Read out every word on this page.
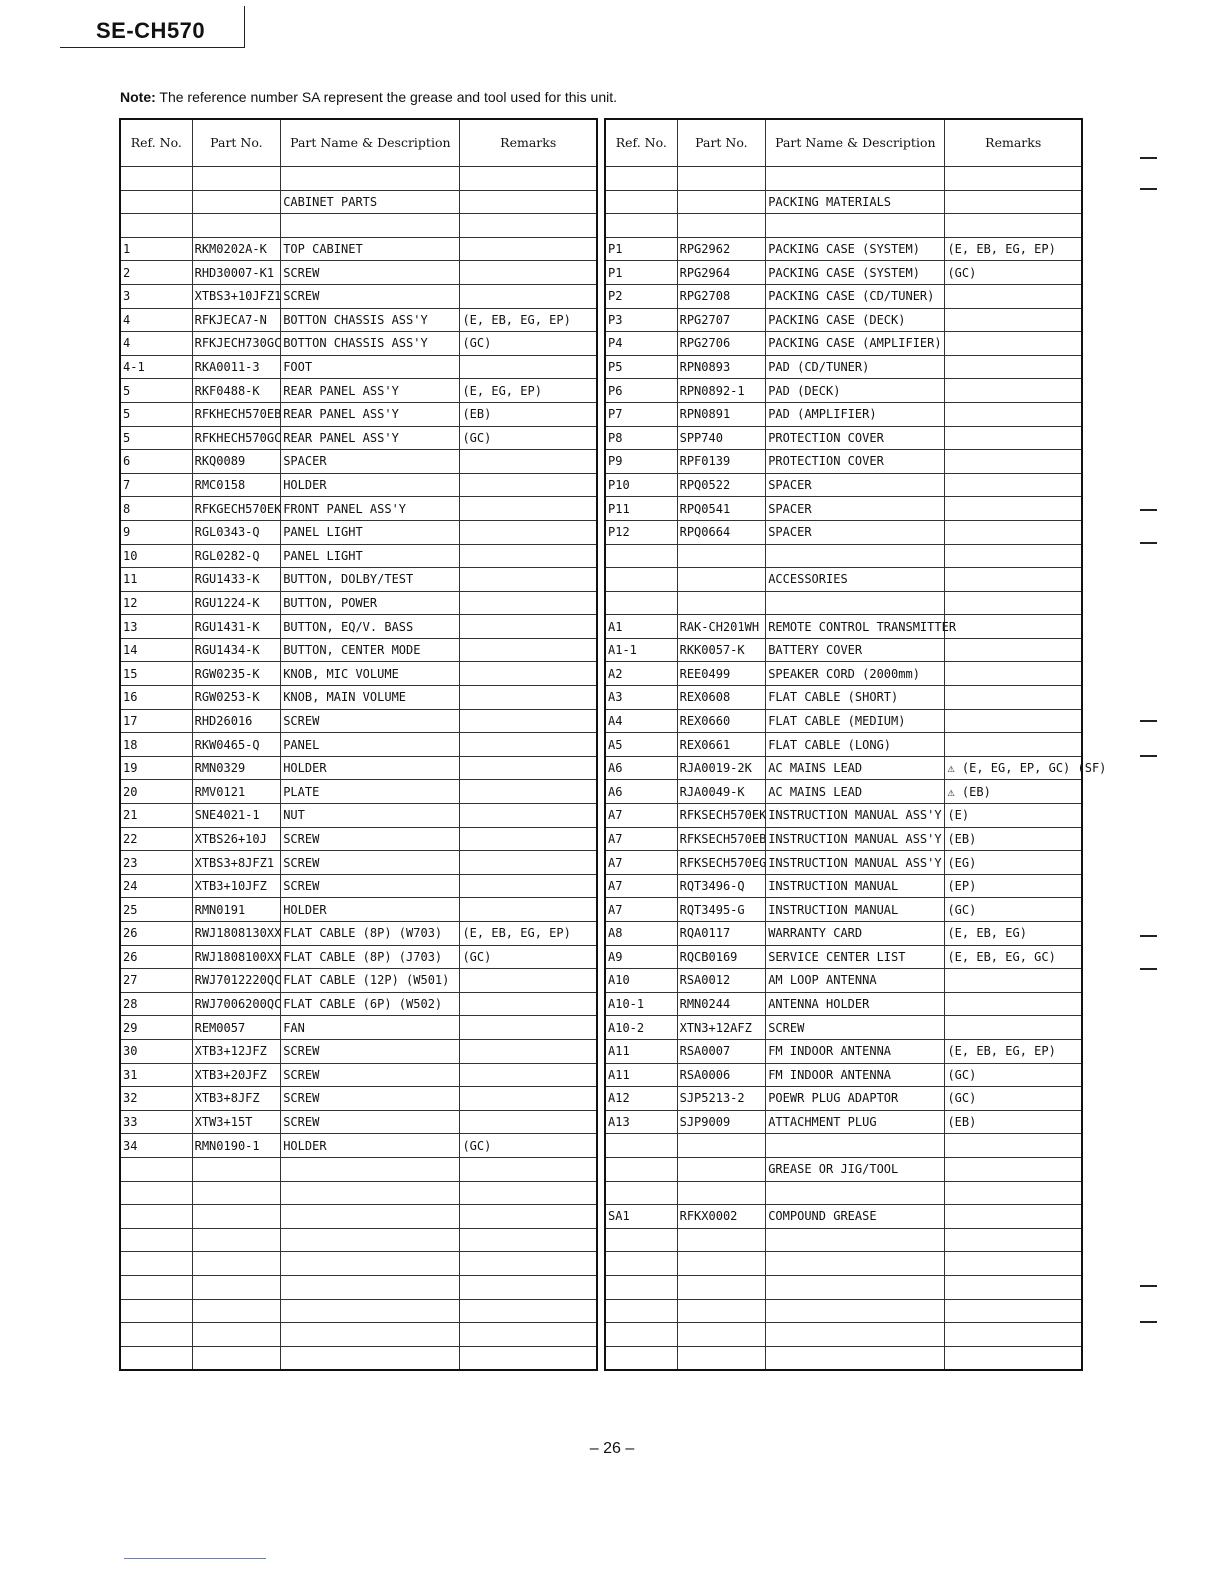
SE-CH570
Note: The reference number SA represent the grease and tool used for this unit.
Ref. No.	Part No.	Part Name & Description	Remarks

		CABINET PARTS	

1	RKM0202A-K	TOP CABINET	
2	RHD30007-K1	SCREW	
3	XTBS3+10JFZ1	SCREW	
4	RFKJECA7-N	BOTTON CHASSIS ASS'Y	(E, EB, EG, EP)
4	RFKJECH730GC	BOTTON CHASSIS ASS'Y	(GC)
4-1	RKA0011-3	FOOT	
5	RKF0488-K	REAR PANEL ASS'Y	(E, EG, EP)
5	RFKHECH570EB	REAR PANEL ASS'Y	(EB)
5	RFKHECH570GC	REAR PANEL ASS'Y	(GC)
6	RKQ0089	SPACER	
7	RMC0158	HOLDER	
8	RFKGECH570EK	FRONT PANEL ASS'Y	
9	RGL0343-Q	PANEL LIGHT	
10	RGL0282-Q	PANEL LIGHT	
11	RGU1433-K	BUTTON, DOLBY/TEST	
12	RGU1224-K	BUTTON, POWER	
13	RGU1431-K	BUTTON, EQ/V. BASS	
14	RGU1434-K	BUTTON, CENTER MODE	
15	RGW0235-K	KNOB, MIC VOLUME	
16	RGW0253-K	KNOB, MAIN VOLUME	
17	RHD26016	SCREW	
18	RKW0465-Q	PANEL	
19	RMN0329	HOLDER	
20	RMV0121	PLATE	
21	SNE4021-1	NUT	
22	XTBS26+10J	SCREW	
23	XTBS3+8JFZ1	SCREW	
24	XTB3+10JFZ	SCREW	
25	RMN0191	HOLDER	
26	RWJ1808130XX	FLAT CABLE (8P) (W703)	(E, EB, EG, EP)
26	RWJ1808100XX	FLAT CABLE (8P) (J703)	(GC)
27	RWJ7012220QC	FLAT CABLE (12P) (W501)	
28	RWJ7006200QC	FLAT CABLE (6P) (W502)	
29	REM0057	FAN	
30	XTB3+12JFZ	SCREW	
31	XTB3+20JFZ	SCREW	
32	XTB3+8JFZ	SCREW	
33	XTW3+15T	SCREW	
34	RMN0190-1	HOLDER	(GC)

Ref. No.	Part No.	Part Name & Description	Remarks

		PACKING MATERIALS	

P1	RPG2962	PACKING CASE (SYSTEM)	(E, EB, EG, EP)
P1	RPG2964	PACKING CASE (SYSTEM)	(GC)
P2	RPG2708	PACKING CASE (CD/TUNER)	
P3	RPG2707	PACKING CASE (DECK)	
P4	RPG2706	PACKING CASE (AMPLIFIER)	
P5	RPN0893	PAD (CD/TUNER)	
P6	RPN0892-1	PAD (DECK)	
P7	RPN0891	PAD (AMPLIFIER)	
P8	SPP740	PROTECTION COVER	
P9	RPF0139	PROTECTION COVER	
P10	RPQ0522	SPACER	
P11	RPQ0541	SPACER	
P12	RPQ0664	SPACER	

		ACCESSORIES	

A1	RAK-CH201WH	REMOTE CONTROL TRANSMITTER	
A1-1	RKK0057-K	BATTERY COVER	
A2	REE0499	SPEAKER CORD (2000mm)	
A3	REX0608	FLAT CABLE (SHORT)	
A4	REX0660	FLAT CABLE (MEDIUM)	
A5	REX0661	FLAT CABLE (LONG)	
A6	RJA0019-2K	AC MAINS LEAD	⚠ (E, EG, EP, GC) (SF)
A6	RJA0049-K	AC MAINS LEAD	⚠ (EB)
A7	RFKSECH570EK	INSTRUCTION MANUAL ASS'Y	(E)
A7	RFKSECH570EB	INSTRUCTION MANUAL ASS'Y	(EB)
A7	RFKSECH570EG	INSTRUCTION MANUAL ASS'Y	(EG)
A7	RQT3496-Q	INSTRUCTION MANUAL	(EP)
A7	RQT3495-G	INSTRUCTION MANUAL	(GC)
A8	RQA0117	WARRANTY CARD	(E, EB, EG)
A9	RQCB0169	SERVICE CENTER LIST	(E, EB, EG, GC)
A10	RSA0012	AM LOOP ANTENNA	
A10-1	RMN0244	ANTENNA HOLDER	
A10-2	XTN3+12AFZ	SCREW	
A11	RSA0007	FM INDOOR ANTENNA	(E, EB, EG, EP)
A11	RSA0006	FM INDOOR ANTENNA	(GC)
A12	SJP5213-2	POEWR PLUG ADAPTOR	(GC)
A13	SJP9009	ATTACHMENT PLUG	(EB)

		GREASE OR JIG/TOOL	

SA1	RFKX0002	COMPOUND GREASE	

– 26 –
